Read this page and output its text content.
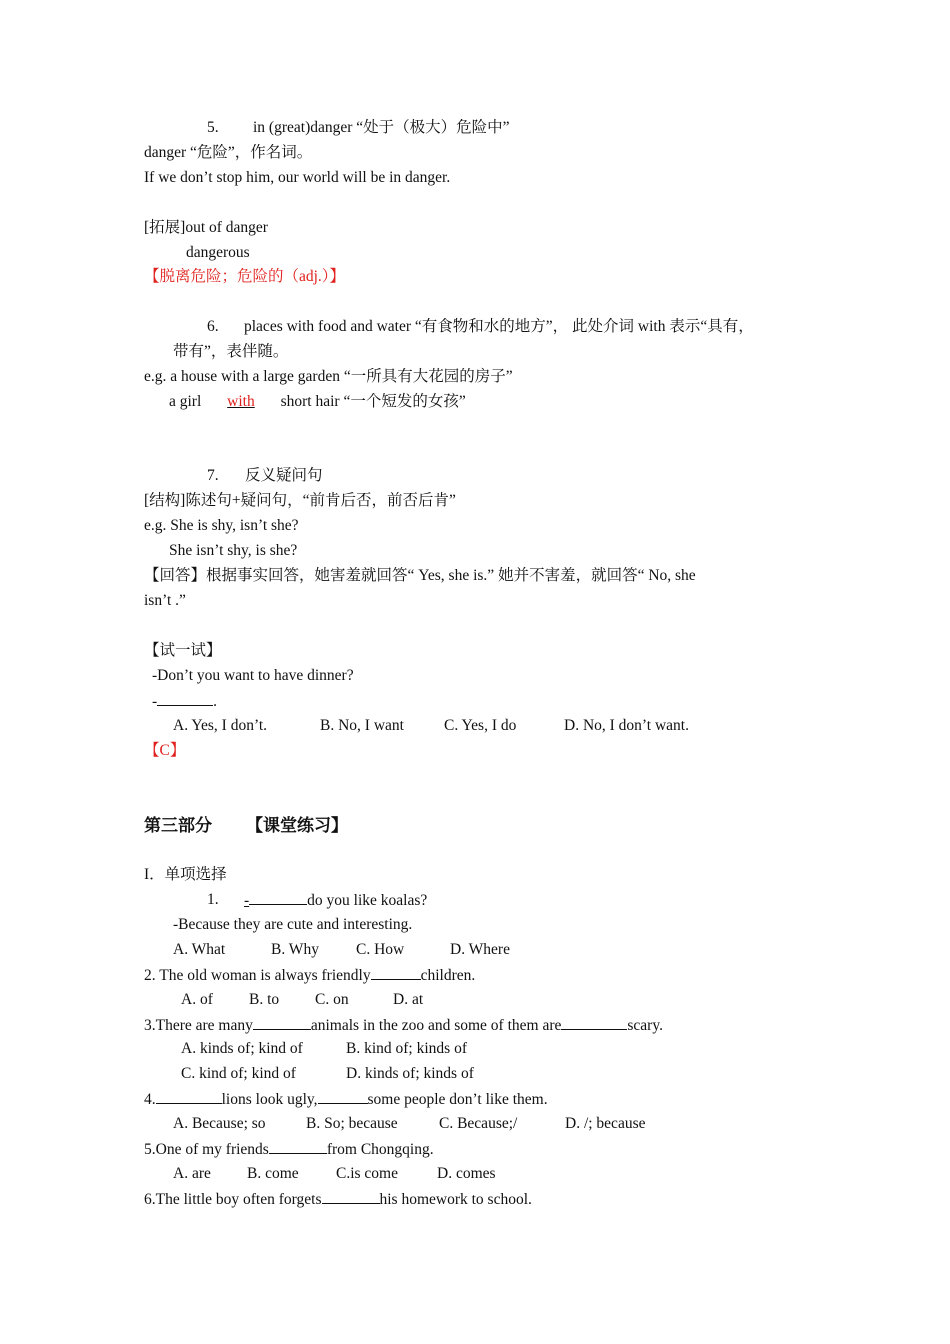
5. in (great)danger “处于（极大）危险中”
danger “危险”，作名词。
If we don’t stop him, our world will be in danger.
[拓展]out of danger
dangerous
【脱离危险；危险的（adj.）】
6. places with food and water “有食物和水的地方”， 此处介词 with 表示“具有，
带有”，表伴随。
e.g. a house with a large garden “一所具有大花园的房子”
a girl with short hair “一个短发的女孩”
7. 反义疑问句
[结构]陈述句+疑问句，“前肯后否，前否后肯”
e.g. She is shy, isn’t she?
She isn’t shy, is she?
【回答】根据事实回答，她害羞就回答“ Yes, she is.” 她并不害羞，就回答“ No, she
isn’t .”
【试一试】
-Don’t you want to have dinner?
-	.
A. Yes, I don’t.	B. No, I want	C. Yes, I do	D. No, I don’t want.
【C】
第三部分 【课堂练习】
I．单项选择
1. -	do you like koalas?
-Because they are cute and interesting.
A. What	B. Why C. How	D. Where
2. The old woman is always friendly	children.
A. of B. to C. on	D. at
3.There are many	animals in the zoo and some of them are	scary.
A. kinds of; kind of	B. kind of; kinds of
C. kind of; kind of	D. kinds of; kinds of
4.	lions look ugly,	some people don’t like them.
A. Because; so	B. So; because	C. Because;/	D. /; because
5.One of my friends	from Chongqing.
A. are B. come C.is come	D. comes
6.The little boy often forgets	his homework to school.
